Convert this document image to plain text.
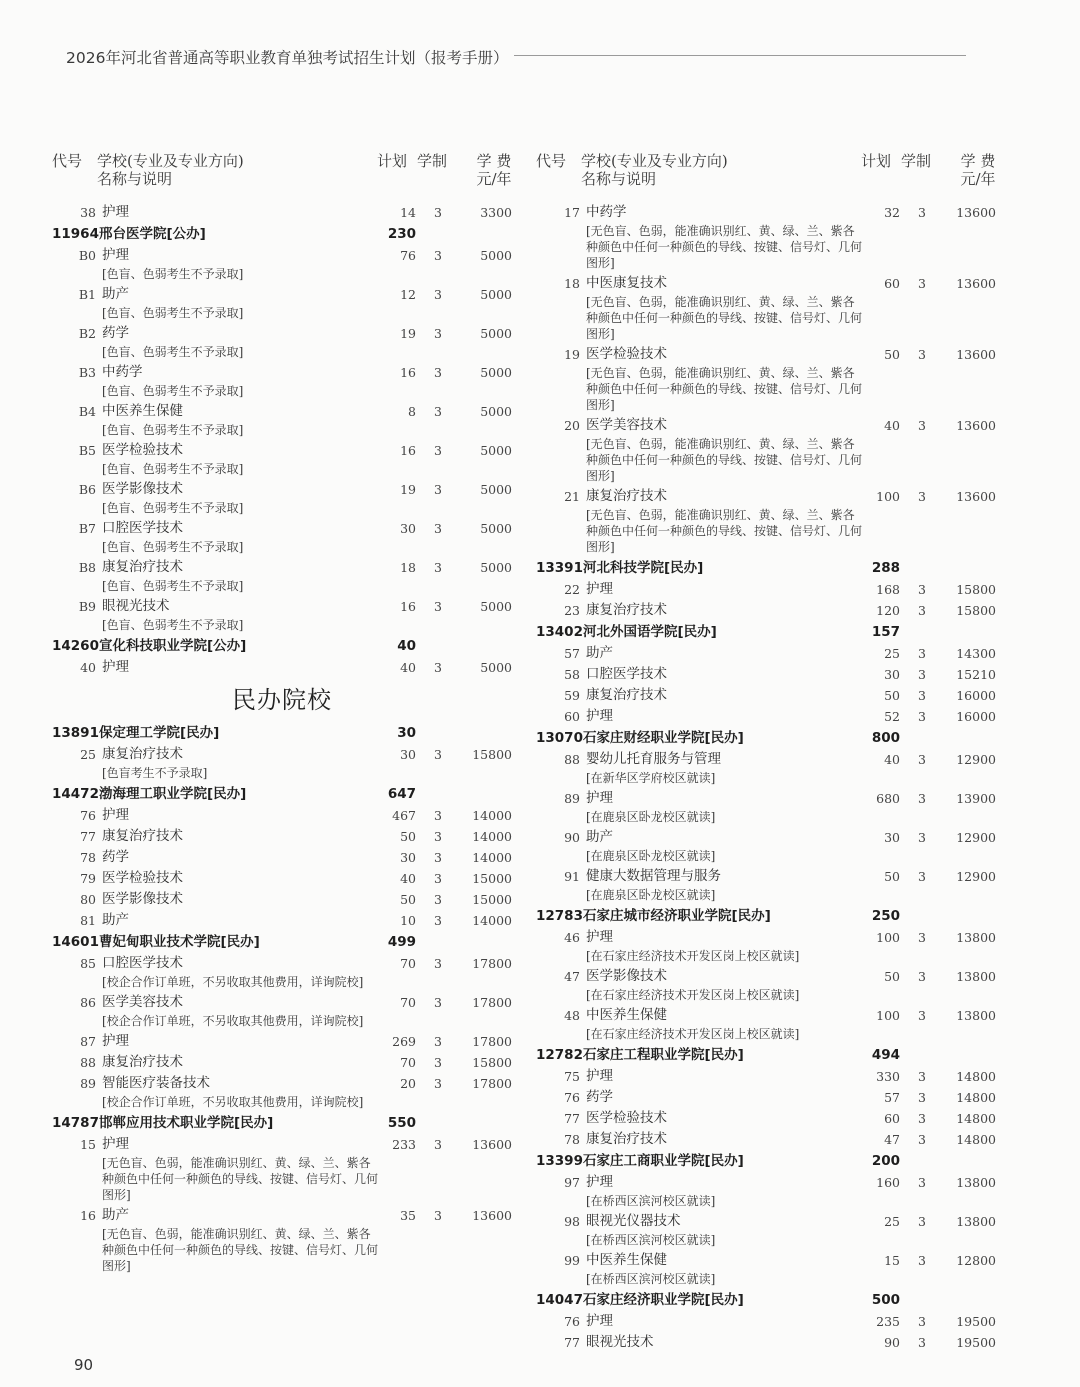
2026年河北省普通高等职业教育单独考试招生计划（报考手册）
代号 学校(专业及专业方向)
名称与说明
计划 学制	学 费
元/年
38 护理	14 3	3300
11964 邢台医学院[公办]	230
B0 护理	76 3	5000
[色盲、色弱考生不予录取]
B1 助产	12 3	5000
[色盲、色弱考生不予录取]
B2 药学	19 3	5000
[色盲、色弱考生不予录取]
B3 中药学	16 3	5000
[色盲、色弱考生不予录取]
B4 中医养生保健	8 3	5000
[色盲、色弱考生不予录取]
B5 医学检验技术	16 3	5000
[色盲、色弱考生不予录取]
B6 医学影像技术	19 3	5000
[色盲、色弱考生不予录取]
B7 口腔医学技术	30 3	5000
[色盲、色弱考生不予录取]
B8 康复治疗技术	18 3	5000
[色盲、色弱考生不予录取]
B9 眼视光技术	16 3	5000
[色盲、色弱考生不予录取]
14260 宣化科技职业学院[公办]	40
40 护理	40 3	5000
民办院校
13891 保定理工学院[民办]	30
25 康复治疗技术	30 3	15800
[色盲考生不予录取]
14472 渤海理工职业学院[民办]	647
76 护理	467 3	14000
77 康复治疗技术	50 3	14000
78 药学	30 3	14000
79 医学检验技术	40 3	15000
80 医学影像技术	50 3	15000
81 助产	10 3	14000
14601 曹妃甸职业技术学院[民办]	499
85 口腔医学技术	70 3	17800
[校企合作订单班，不另收取其他费用，详询院校]
86 医学美容技术	70 3	17800
[校企合作订单班，不另收取其他费用，详询院校]
87 护理	269 3	17800
88 康复治疗技术	70 3	15800
89 智能医疗装备技术	20 3	17800
[校企合作订单班，不另收取其他费用，详询院校]
14787 邯郸应用技术职业学院[民办]	550
15 护理	233 3	13600
[无色盲、色弱，能准确识别红、黄、绿、兰、紫各种颜色中任何一种颜色的导线、按键、信号灯、几何图形]
16 助产	35 3	13600
[无色盲、色弱，能准确识别红、黄、绿、兰、紫各种颜色中任何一种颜色的导线、按键、信号灯、几何图形]
代号 学校(专业及专业方向)
名称与说明
计划 学制	学 费
元/年
17 中药学	32 3	13600
[无色盲、色弱，能准确识别红、黄、绿、兰、紫各种颜色中任何一种颜色的导线、按键、信号灯、几何图形]
18 中医康复技术	60 3	13600
[无色盲、色弱，能准确识别红、黄、绿、兰、紫各种颜色中任何一种颜色的导线、按键、信号灯、几何图形]
19 医学检验技术	50 3	13600
[无色盲、色弱，能准确识别红、黄、绿、兰、紫各种颜色中任何一种颜色的导线、按键、信号灯、几何图形]
20 医学美容技术	40 3	13600
[无色盲、色弱，能准确识别红、黄、绿、兰、紫各种颜色中任何一种颜色的导线、按键、信号灯、几何图形]
21 康复治疗技术	100 3	13600
[无色盲、色弱，能准确识别红、黄、绿、兰、紫各种颜色中任何一种颜色的导线、按键、信号灯、几何图形]
13391 河北科技学院[民办]	288
22 护理	168 3	15800
23 康复治疗技术	120 3	15800
13402 河北外国语学院[民办]	157
57 助产	25 3	14300
58 口腔医学技术	30 3	15210
59 康复治疗技术	50 3	16000
60 护理	52 3	16000
13070 石家庄财经职业学院[民办]	800
88 婴幼儿托育服务与管理	40 3	12900
[在新华区学府校区就读]
89 护理	680 3	13900
[在鹿泉区卧龙校区就读]
90 助产	30 3	12900
[在鹿泉区卧龙校区就读]
91 健康大数据管理与服务	50 3	12900
[在鹿泉区卧龙校区就读]
12783 石家庄城市经济职业学院[民办]	250
46 护理	100 3	13800
[在石家庄经济技术开发区岗上校区就读]
47 医学影像技术	50 3	13800
[在石家庄经济技术开发区岗上校区就读]
48 中医养生保健	100 3	13800
[在石家庄经济技术开发区岗上校区就读]
12782 石家庄工程职业学院[民办]	494
75 护理	330 3	14800
76 药学	57 3	14800
77 医学检验技术	60 3	14800
78 康复治疗技术	47 3	14800
13399 石家庄工商职业学院[民办]	200
97 护理	160 3	13800
[在桥西区滨河校区就读]
98 眼视光仪器技术	25 3	13800
[在桥西区滨河校区就读]
99 中医养生保健	15 3	12800
[在桥西区滨河校区就读]
14047 石家庄经济职业学院[民办]	500
76 护理	235 3	19500
77 眼视光技术	90 3	19500
90
